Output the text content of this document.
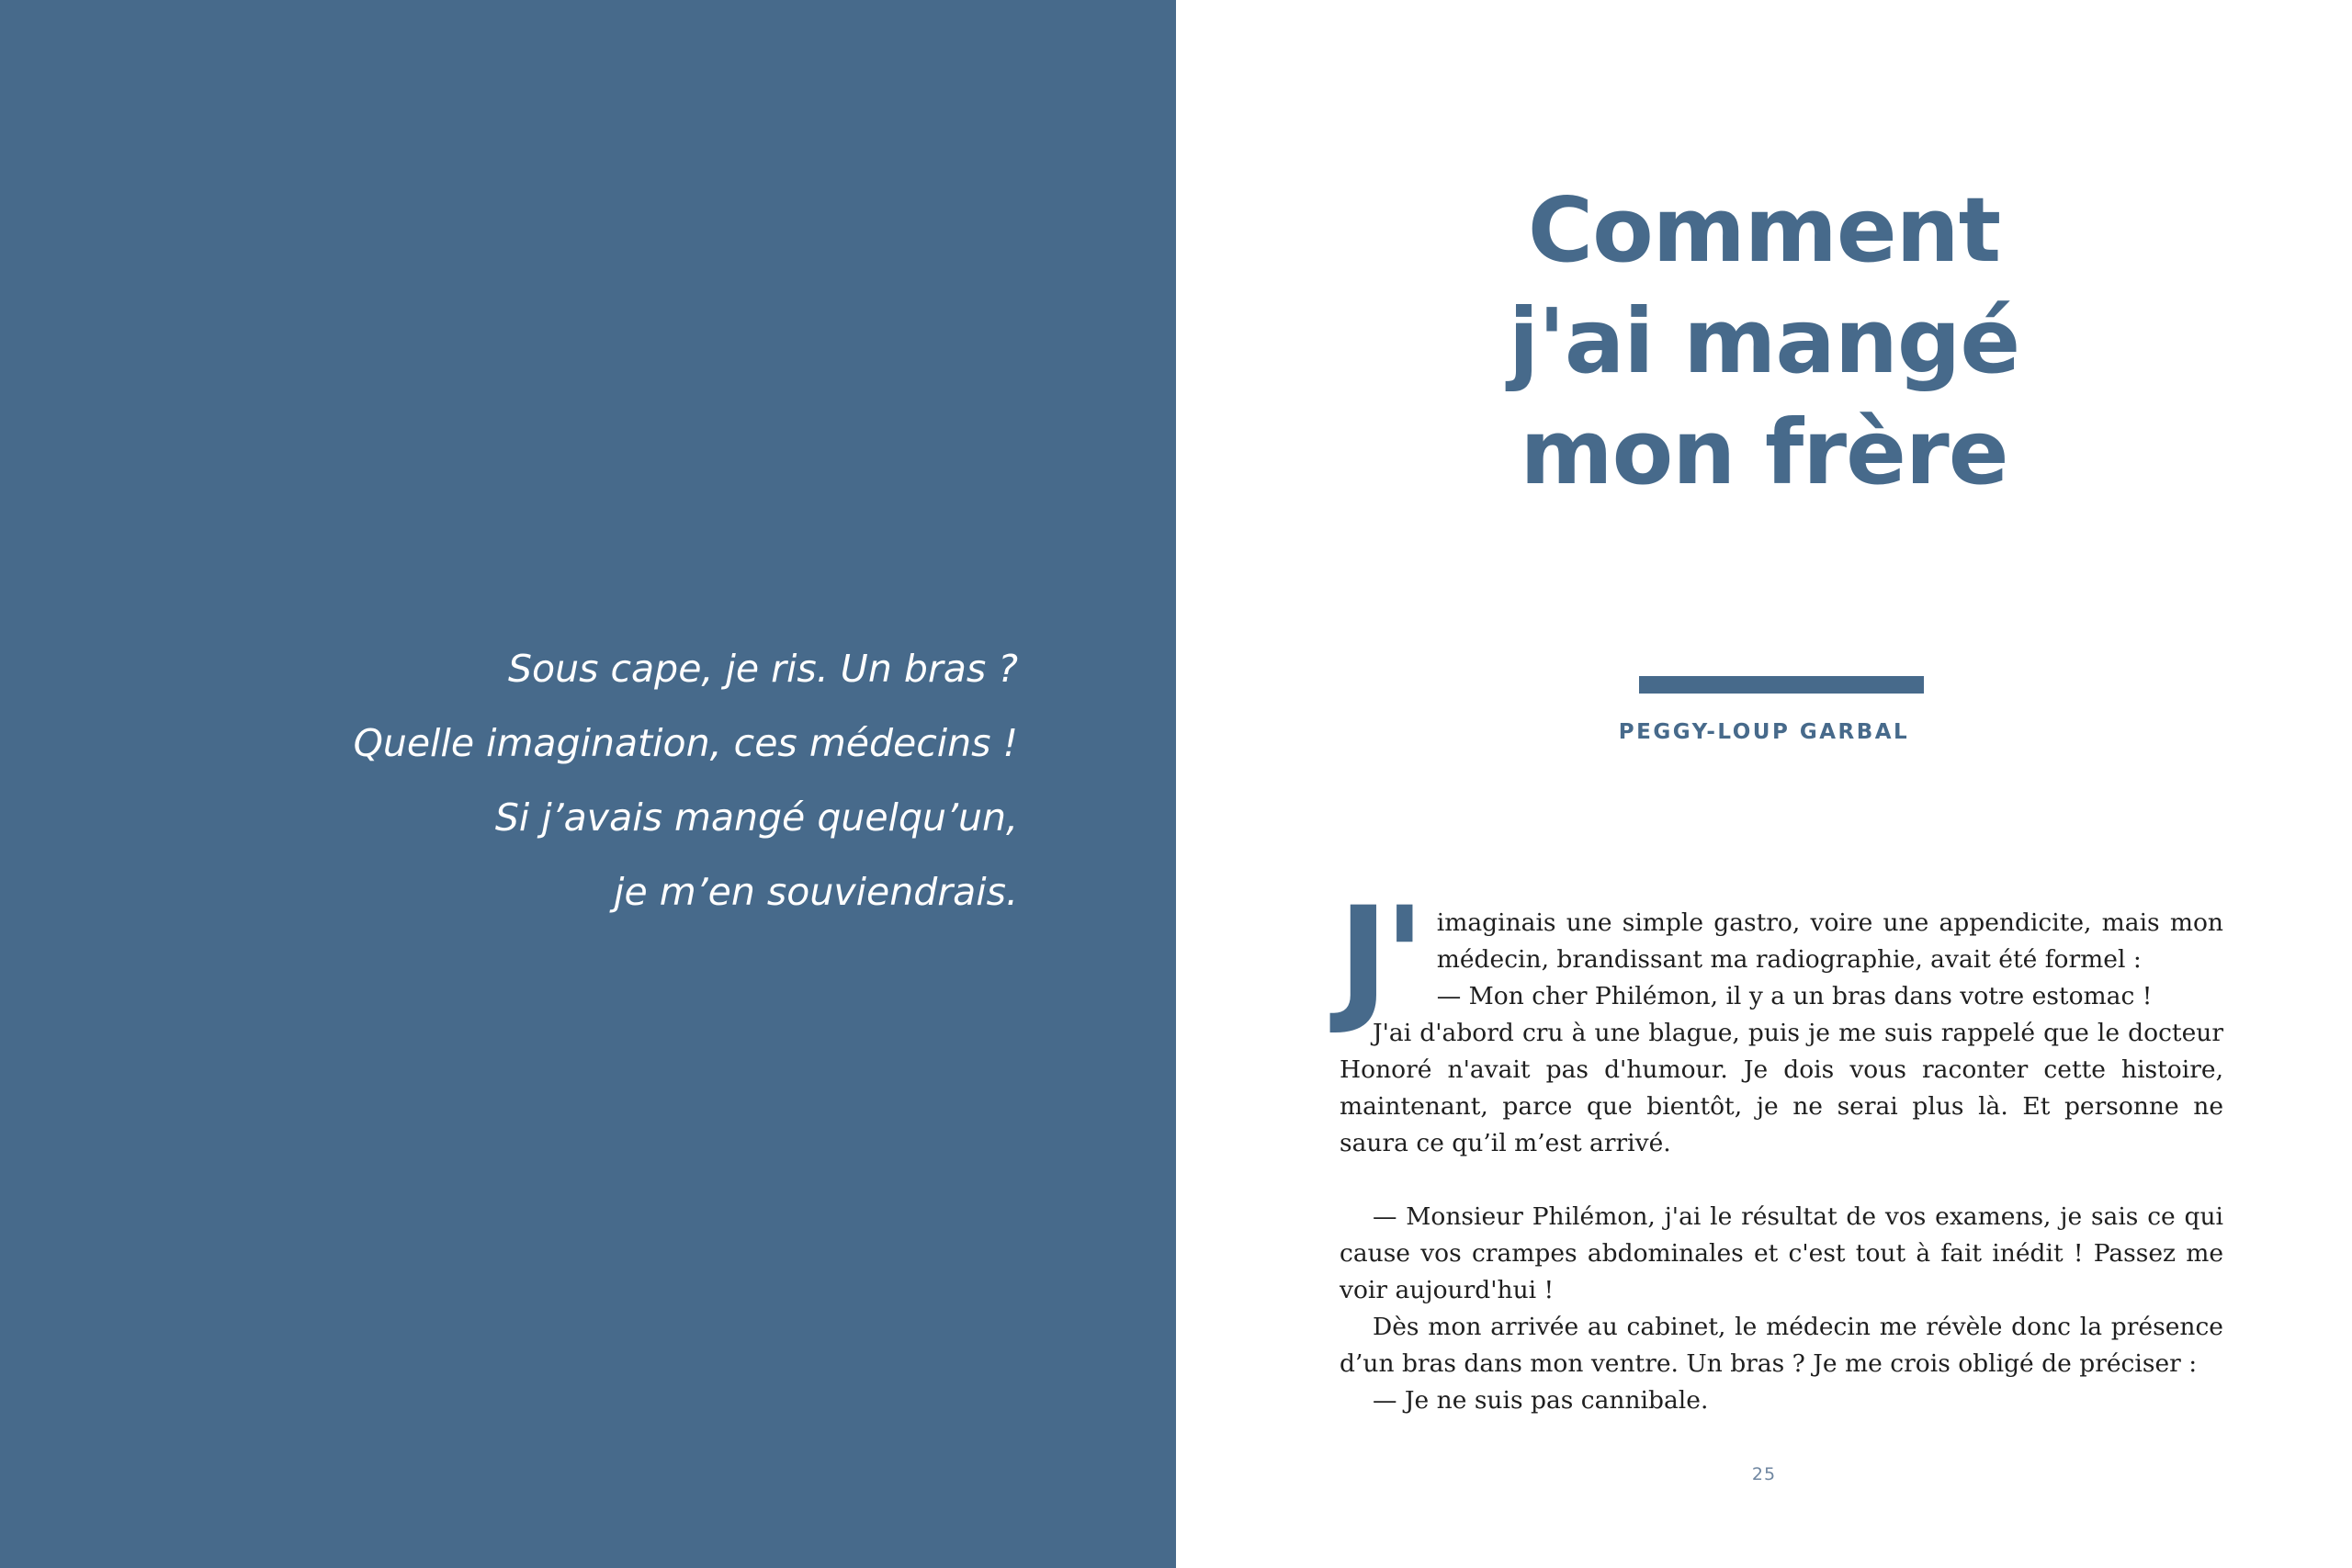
Sous cape, je ris. Un bras ?
Quelle imagination, ces médecins !
Si j’avais mangé quelqu’un,
je m’en souviendrais.

Comment
j'ai mangé
mon frère
PEGGY-LOUP GARBAL
J' imaginais une simple gastro, voire une appendicite, mais mon médecin, brandissant ma radiographie, avait été formel :

— Mon cher Philémon, il y a un bras dans votre estomac !

J'ai d'abord cru à une blague, puis je me suis rappelé que le docteur Honoré n'avait pas d'humour. Je dois vous raconter cette histoire, maintenant, parce que bientôt, je ne serai plus là. Et personne ne saura ce qu’il m’est arrivé.

— Monsieur Philémon, j'ai le résultat de vos examens, je sais ce qui cause vos crampes abdominales et c'est tout à fait inédit ! Passez me voir aujourd'hui !

Dès mon arrivée au cabinet, le médecin me révèle donc la présence d’un bras dans mon ventre. Un bras ? Je me crois obligé de préciser :

— Je ne suis pas cannibale.

25
